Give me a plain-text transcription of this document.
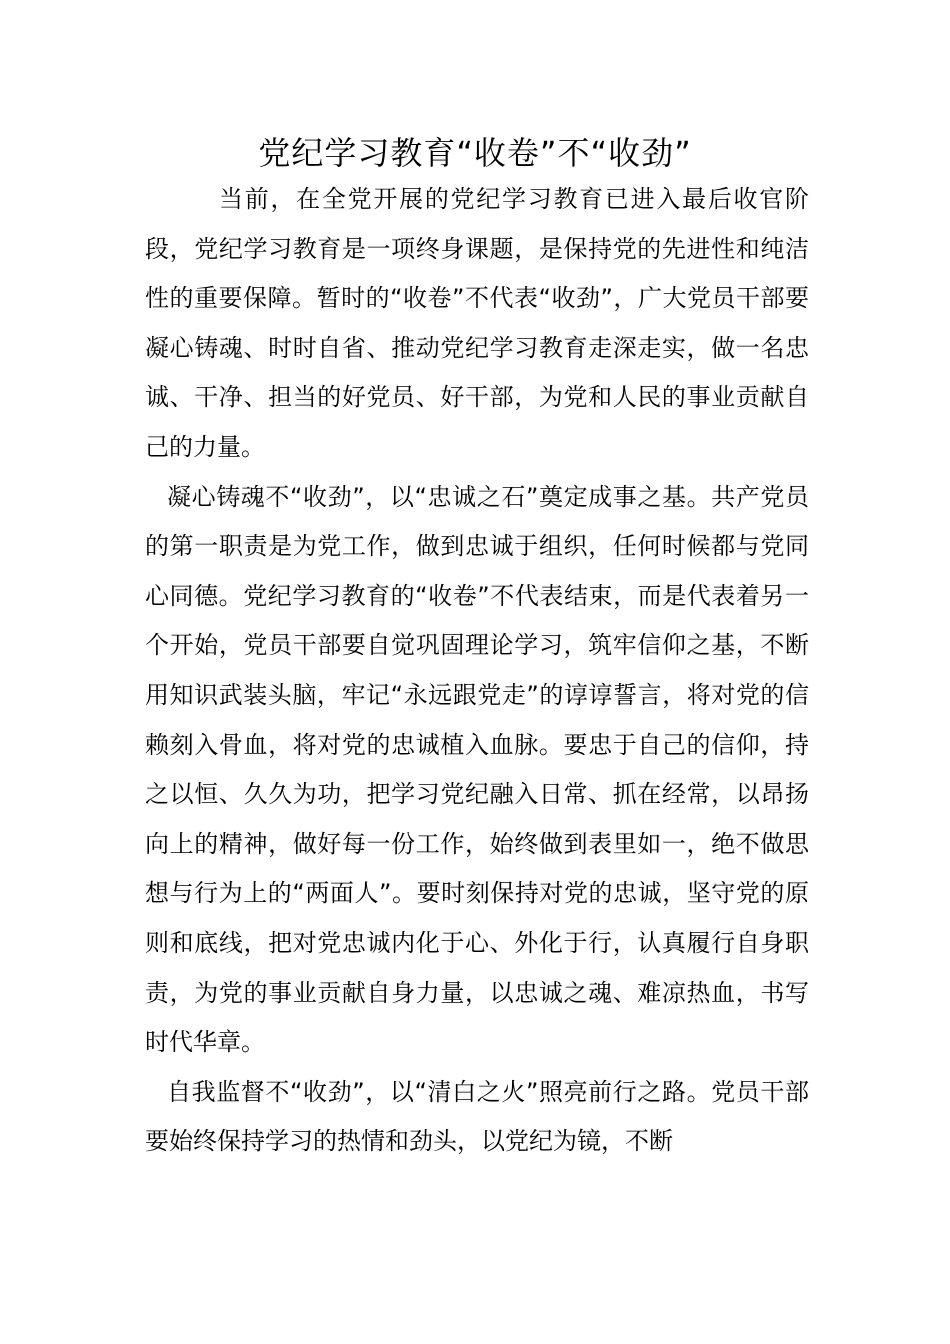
党纪学习教育“收卷”不“收劲”

当前，在全党开展的党纪学习教育已进入最后收官阶段，党纪学习教育是一项终身课题，是保持党的先进性和纯洁性的重要保障。暂时的“收卷”不代表“收劲”，广大党员干部要凝心铸魂、时时自省、推动党纪学习教育走深走实，做一名忠诚、干净、担当的好党员、好干部，为党和人民的事业贡献自己的力量。

凝心铸魂不“收劲”，以“忠诚之石”奠定成事之基。共产党员的第一职责是为党工作，做到忠诚于组织，任何时候都与党同心同德。党纪学习教育的“收卷”不代表结束，而是代表着另一个开始，党员干部要自觉巩固理论学习，筑牢信仰之基，不断用知识武装头脑，牢记“永远跟党走”的谆谆誓言，将对党的信赖刻入骨血，将对党的忠诚植入血脉。要忠于自己的信仰，持之以恒、久久为功，把学习党纪融入日常、抓在经常，以昂扬向上的精神，做好每一份工作，始终做到表里如一，绝不做思想与行为上的“两面人”。要时刻保持对党的忠诚，坚守党的原则和底线，把对党忠诚内化于心、外化于行，认真履行自身职责，为党的事业贡献自身力量，以忠诚之魂、难凉热血，书写时代华章。

自我监督不“收劲”，以“清白之火”照亮前行之路。党员干部要始终保持学习的热情和劲头，以党纪为镜，不断
